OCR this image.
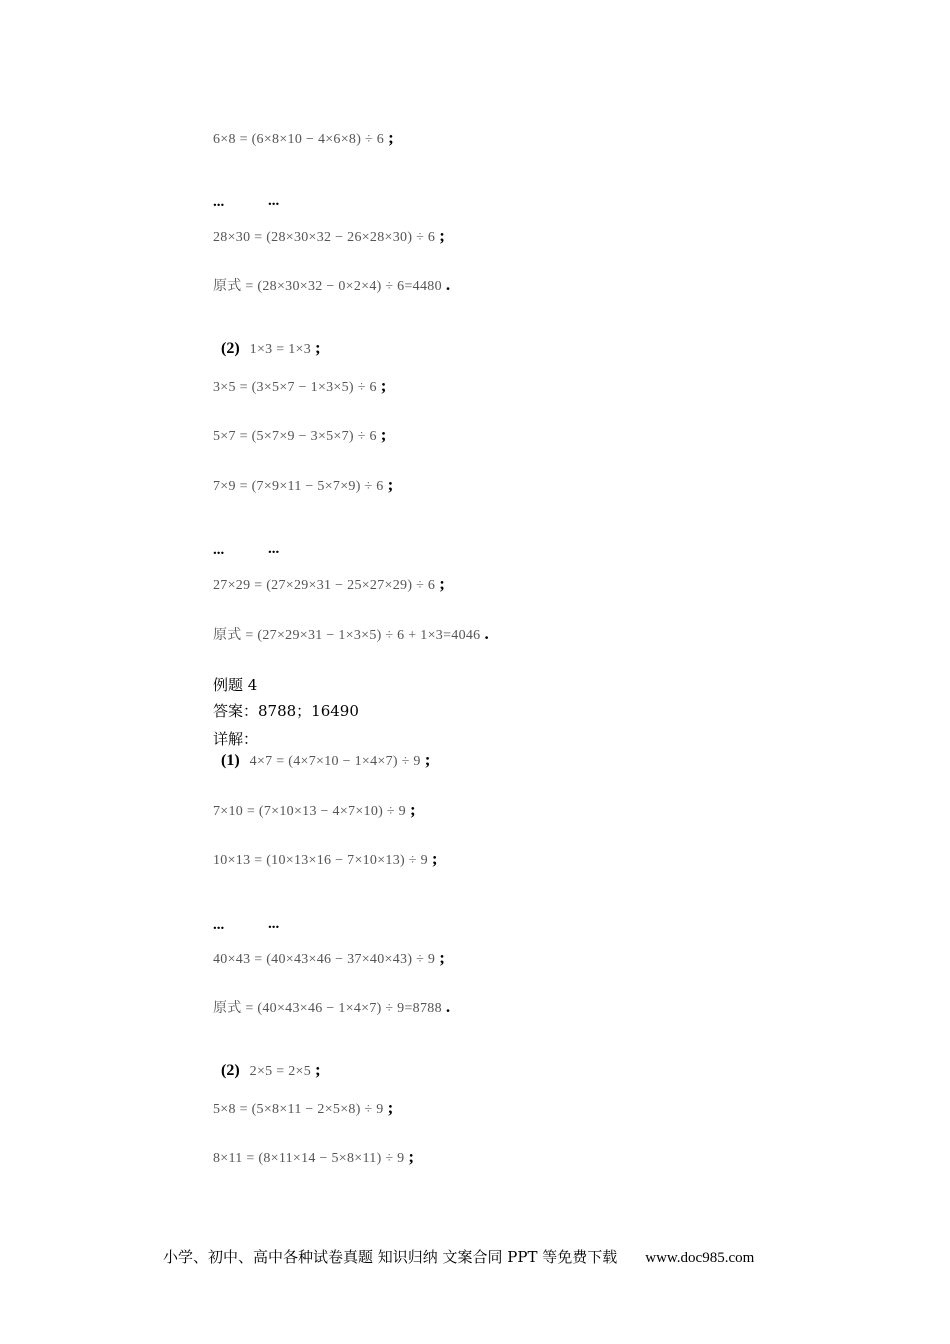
6×8 = (6×8×10 − 4×6×8) ÷ 6 ;
...	...
28×30 = (28×30×32 − 26×28×30) ÷ 6 ;
原式 = (28×30×32 − 0×2×4) ÷ 6=4480 .
(2) 1×3 = 1×3 ;
3×5 = (3×5×7 − 1×3×5) ÷ 6 ;
5×7 = (5×7×9 − 3×5×7) ÷ 6 ;
7×9 = (7×9×11 − 5×7×9) ÷ 6 ;
...	...
27×29 = (27×29×31 − 25×27×29) ÷ 6 ;
原式 = (27×29×31 − 1×3×5) ÷ 6 + 1×3=4046 .
例题 4
答案：8788；16490
详解：
(1) 4×7 = (4×7×10 − 1×4×7) ÷ 9 ;
7×10 = (7×10×13 − 4×7×10) ÷ 9 ;
10×13 = (10×13×16 − 7×10×13) ÷ 9 ;
...	...
40×43 = (40×43×46 − 37×40×43) ÷ 9 ;
原式 = (40×43×46 − 1×4×7) ÷ 9=8788 .
(2) 2×5 = 2×5 ;
5×8 = (5×8×11 − 2×5×8) ÷ 9 ;
8×11 = (8×11×14 − 5×8×11) ÷ 9 ;
小学、初中、高中各种试卷真题 知识归纳 文案合同 PPT 等免费下载 www.doc985.com
